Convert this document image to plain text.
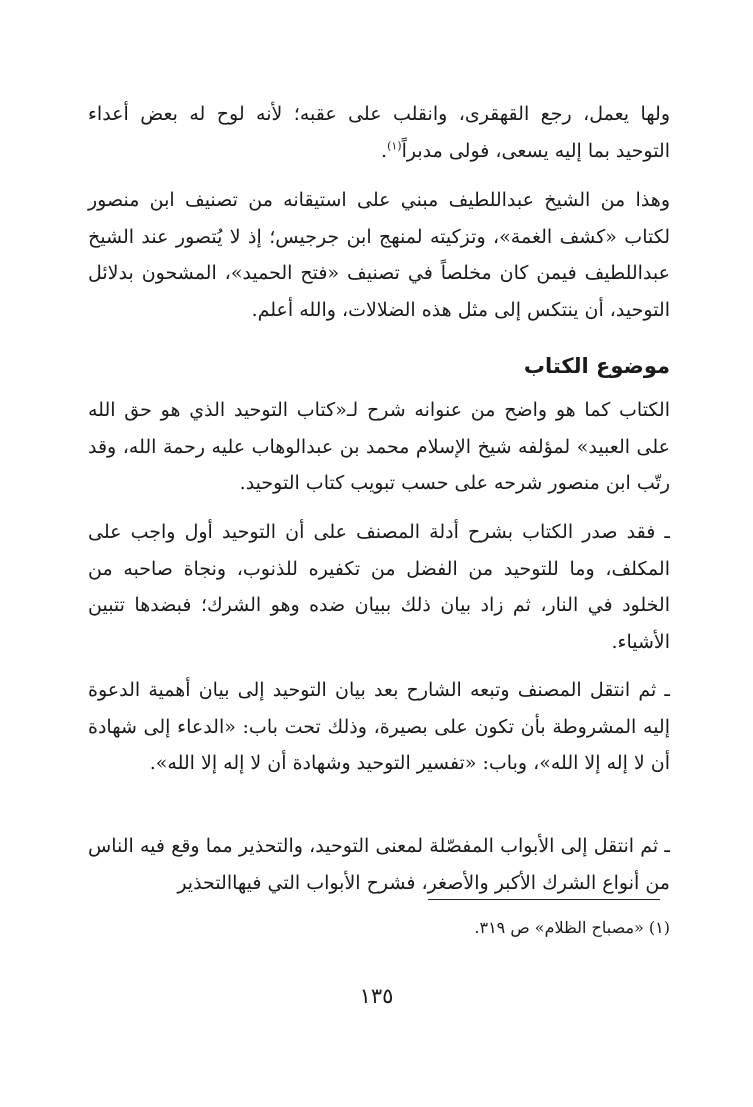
ولها يعمل، رجع القهقرى، وانقلب على عقبه؛ لأنه لوح له بعض أعداء التوحيد بما إليه يسعى، فولى مدبراً$^{(١)}$.

وهذا من الشيخ عبداللطيف مبني على استيقانه من تصنيف ابن منصور لكتاب «كشف الغمة»، وتزكيته لمنهج ابن جرجيس؛ إذ لا يُتصور عند الشيخ عبداللطيف فيمن كان مخلصاً في تصنيف «فتح الحميد»، المشحون بدلائل التوحيد، أن ينتكس إلى مثل هذه الضلالات، والله أعلم.

موضوع الكتاب

الكتاب كما هو واضح من عنوانه شرح لـ«كتاب التوحيد الذي هو حق الله على العبيد» لمؤلفه شيخ الإسلام محمد بن عبدالوهاب عليه رحمة الله، وقد رتّب ابن منصور شرحه على حسب تبويب كتاب التوحيد.

ـ فقد صدر الكتاب بشرح أدلة المصنف على أن التوحيد أول واجب على المكلف، وما للتوحيد من الفضل من تكفيره للذنوب، ونجاة صاحبه من الخلود في النار، ثم زاد بيان ذلك ببيان ضده وهو الشرك؛ فبضدها تتبين الأشياء.

ـ ثم انتقل المصنف وتبعه الشارح بعد بيان التوحيد إلى بيان أهمية الدعوة إليه المشروطة بأن تكون على بصيرة، وذلك تحت باب: «الدعاء إلى شهادة أن لا إله إلا الله»، وباب: «تفسير التوحيد وشهادة أن لا إله إلا الله».

ـ ثم انتقل إلى الأبواب المفصّلة لمعنى التوحيد، والتحذير مما وقع فيه الناس من أنواع الشرك الأكبر والأصغر، فشرح الأبواب التي فيهاالتحذير

(١) «مصباح الظلام» ص ٣١٩.
١٣٥
